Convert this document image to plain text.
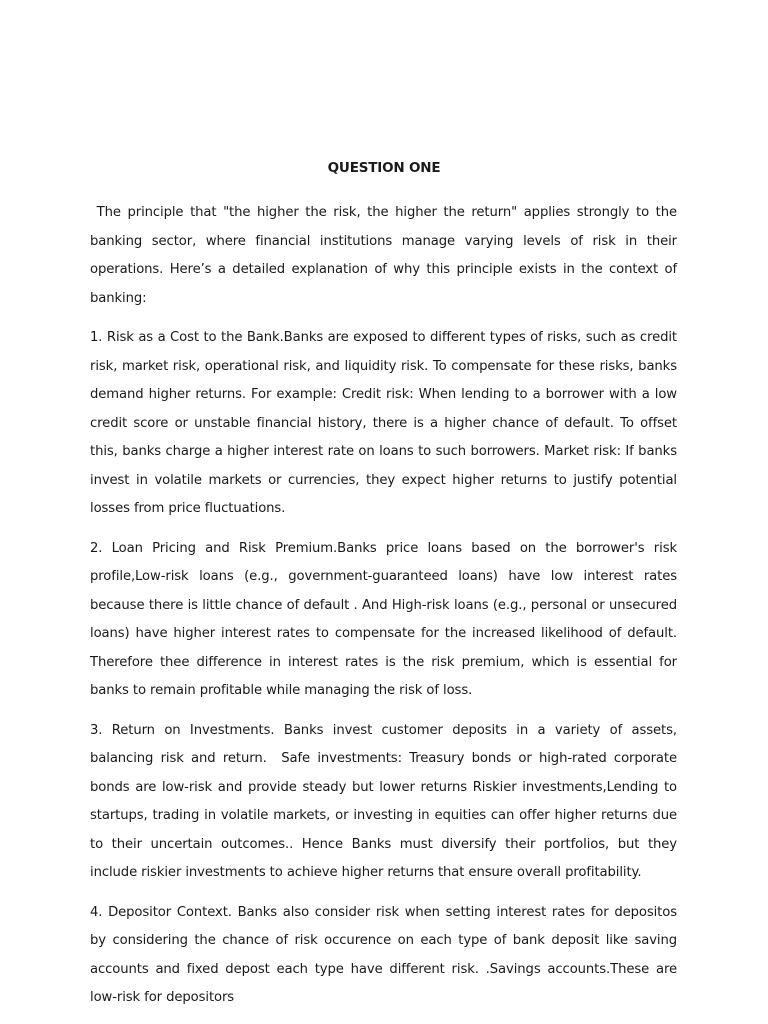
QUESTION ONE

The principle that "the higher the risk, the higher the return" applies strongly to the banking sector, where financial institutions manage varying levels of risk in their operations. Here’s a detailed explanation of why this principle exists in the context of banking:

1. Risk as a Cost to the Bank.Banks are exposed to different types of risks, such as credit risk, market risk, operational risk, and liquidity risk. To compensate for these risks, banks demand higher returns. For example: Credit risk: When lending to a borrower with a low credit score or unstable financial history, there is a higher chance of default. To offset this, banks charge a higher interest rate on loans to such borrowers. Market risk: If banks invest in volatile markets or currencies, they expect higher returns to justify potential losses from price fluctuations.

2. Loan Pricing and Risk Premium.Banks price loans based on the borrower's risk profile,Low-risk loans (e.g., government-guaranteed loans) have low interest rates because there is little chance of default . And High-risk loans (e.g., personal or unsecured loans) have higher interest rates to compensate for the increased likelihood of default. Therefore thee difference in interest rates is the risk premium, which is essential for banks to remain profitable while managing the risk of loss.

3. Return on Investments. Banks invest customer deposits in a variety of assets, balancing risk and return.  Safe investments: Treasury bonds or high-rated corporate bonds are low-risk and provide steady but lower returns Riskier investments,Lending to startups, trading in volatile markets, or investing in equities can offer higher returns due to their uncertain outcomes.. Hence Banks must diversify their portfolios, but they include riskier investments to achieve higher returns that ensure overall profitability.

4. Depositor Context. Banks also consider risk when setting interest rates for depositos by considering the chance of risk occurence on each type of bank deposit like saving accounts and fixed depost each type have different risk. .Savings accounts.These are low-risk for depositors
